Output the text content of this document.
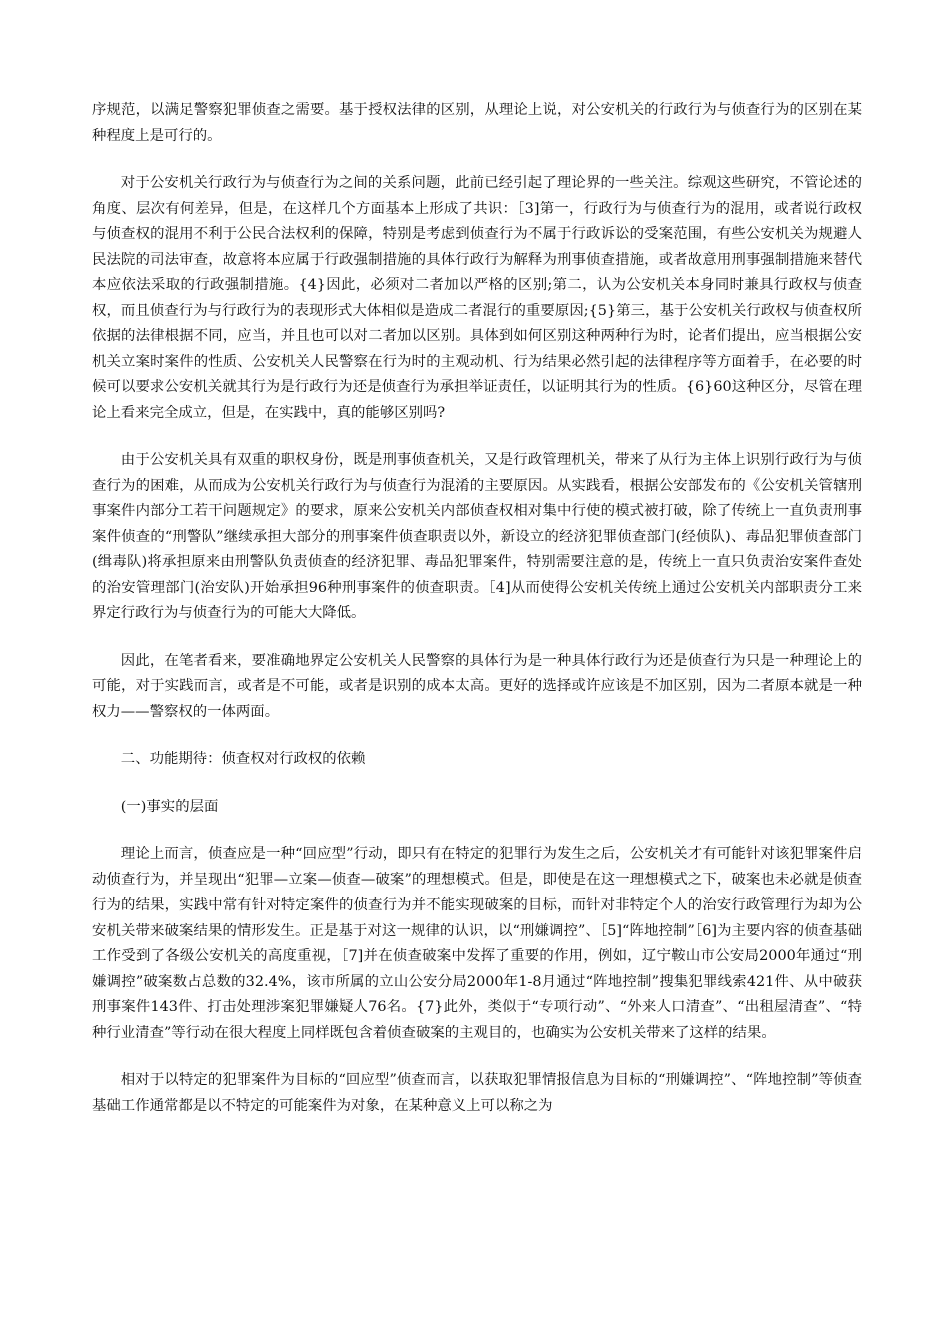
序规范，以满足警察犯罪侦查之需要。基于授权法律的区别，从理论上说，对公安机关的行政行为与侦查行为的区别在某种程度上是可行的。

对于公安机关行政行为与侦查行为之间的关系问题，此前已经引起了理论界的一些关注。综观这些研究，不管论述的角度、层次有何差异，但是，在这样几个方面基本上形成了共识：［3]第一，行政行为与侦查行为的混用，或者说行政权与侦查权的混用不利于公民合法权利的保障，特别是考虑到侦查行为不属于行政诉讼的受案范围，有些公安机关为规避人民法院的司法审查，故意将本应属于行政强制措施的具体行政行为解释为刑事侦查措施，或者故意用刑事强制措施来替代本应依法采取的行政强制措施。{4}因此，必须对二者加以严格的区别;第二，认为公安机关本身同时兼具行政权与侦查权，而且侦查行为与行政行为的表现形式大体相似是造成二者混行的重要原因;{5}第三，基于公安机关行政权与侦查权所依据的法律根据不同，应当，并且也可以对二者加以区别。具体到如何区别这种两种行为时，论者们提出，应当根据公安机关立案时案件的性质、公安机关人民警察在行为时的主观动机、行为结果必然引起的法律程序等方面着手，在必要的时候可以要求公安机关就其行为是行政行为还是侦查行为承担举证责任，以证明其行为的性质。{6}60这种区分，尽管在理论上看来完全成立，但是，在实践中，真的能够区别吗?

由于公安机关具有双重的职权身份，既是刑事侦查机关，又是行政管理机关，带来了从行为主体上识别行政行为与侦查行为的困难，从而成为公安机关行政行为与侦查行为混淆的主要原因。从实践看，根据公安部发布的《公安机关管辖刑事案件内部分工若干问题规定》的要求，原来公安机关内部侦查权相对集中行使的模式被打破，除了传统上一直负责刑事案件侦查的“刑警队”继续承担大部分的刑事案件侦查职责以外，新设立的经济犯罪侦查部门(经侦队)、毒品犯罪侦查部门(缉毒队)将承担原来由刑警队负责侦查的经济犯罪、毒品犯罪案件，特别需要注意的是，传统上一直只负责治安案件查处的治安管理部门(治安队)开始承担96种刑事案件的侦查职责。［4]从而使得公安机关传统上通过公安机关内部职责分工来界定行政行为与侦查行为的可能大大降低。

因此，在笔者看来，要准确地界定公安机关人民警察的具体行为是一种具体行政行为还是侦查行为只是一种理论上的可能，对于实践而言，或者是不可能，或者是识别的成本太高。更好的选择或许应该是不加区别，因为二者原本就是一种权力——警察权的一体两面。

二、功能期待：侦查权对行政权的依赖

(一)事实的层面

理论上而言，侦查应是一种“回应型”行动，即只有在特定的犯罪行为发生之后，公安机关才有可能针对该犯罪案件启动侦查行为，并呈现出“犯罪—立案—侦查—破案”的理想模式。但是，即使是在这一理想模式之下，破案也未必就是侦查行为的结果，实践中常有针对特定案件的侦查行为并不能实现破案的目标，而针对非特定个人的治安行政管理行为却为公安机关带来破案结果的情形发生。正是基于对这一规律的认识，以“刑嫌调控”、［5]“阵地控制”［6]为主要内容的侦查基础工作受到了各级公安机关的高度重视，［7]并在侦查破案中发挥了重要的作用，例如，辽宁鞍山市公安局2000年通过“刑嫌调控”破案数占总数的32.4%，该市所属的立山公安分局2000年1-8月通过“阵地控制”搜集犯罪线索421件、从中破获刑事案件143件、打击处理涉案犯罪嫌疑人76名。{7}此外，类似于“专项行动”、“外来人口清查”、“出租屋清查”、“特种行业清查”等行动在很大程度上同样既包含着侦查破案的主观目的，也确实为公安机关带来了这样的结果。

相对于以特定的犯罪案件为目标的“回应型”侦查而言，以获取犯罪情报信息为目标的“刑嫌调控”、“阵地控制”等侦查基础工作通常都是以不特定的可能案件为对象，在某种意义上可以称之为
